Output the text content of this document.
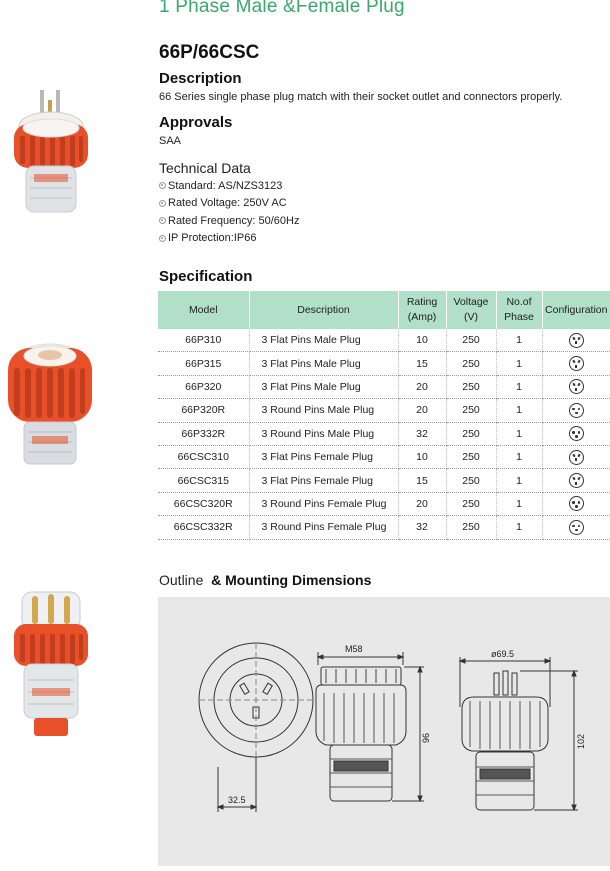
1 Phase Male &Female Plug
66P/66CSC
Description
66 Series single phase plug match with their socket outlet and connectors properly.
Approvals
SAA
Technical Data
Standard: AS/NZS3123
Rated Voltage: 250V AC
Rated Frequency: 50/60Hz
IP Protection:IP66
Specification
Model	Description	Rating (Amp)	Voltage (V)	No.of Phase	Configuration
66P310	3 Flat Pins Male Plug	10	250	1	

66P315	3 Flat Pins Male Plug	15	250	1	

66P320	3 Flat Pins Male Plug	20	250	1	

66P320R	3 Round Pins Male Plug	20	250	1	

66P332R	3 Round Pins Male Plug	32	250	1	

66CSC310	3 Flat Pins Female Plug	10	250	1	

66CSC315	3 Flat Pins Female Plug	15	250	1	

66CSC320R	3 Round Pins Female Plug	20	250	1	

66CSC332R	3 Round Pins Female Plug	32	250	1	
Outline & Mounting Dimensions
32.5
M58
96
ø69.5
102
